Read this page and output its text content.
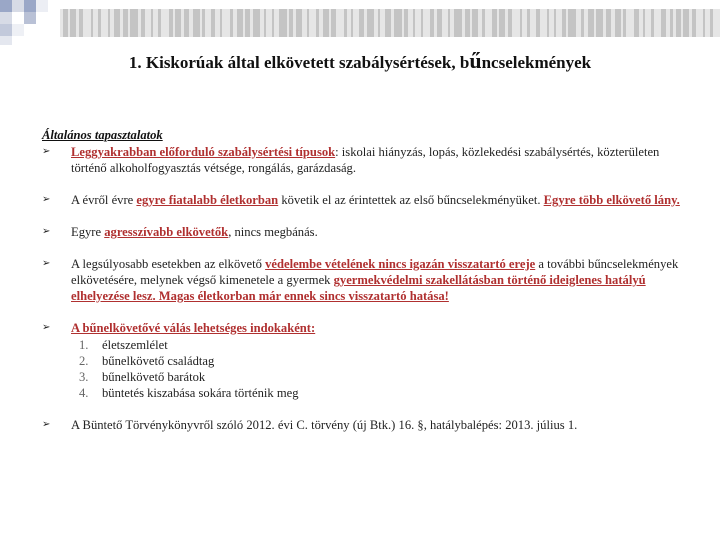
1. Kiskorúak által elkövetett szabálysértések, bűncselekmények
Általános tapasztalatok
➢	Leggyakrabban előforduló szabálysértési típusok: iskolai hiányzás, lopás, közlekedési szabálysértés, közterületen történő alkoholfogyasztás vétsége, rongálás, garázdaság.
➢	A évről évre egyre fiatalabb életkorban követik el az érintettek az első bűncselekményüket. Egyre több elkövető lány.
➢	Egyre agresszívabb elkövetők, nincs megbánás.
➢	A legsúlyosabb esetekben az elkövető védelembe vételének nincs igazán visszatartó ereje a további bűncselekmények elkövetésére, melynek végső kimenetele a gyermek gyermekvédelmi szakellátásban történő ideiglenes hatályú elhelyezése lesz. Magas életkorban már ennek sincs visszatartó hatása!
➢	A bűnelkövetővé válás lehetséges indokaként:
1. életszemlélet
2. bűnelkövető családtag
3. bűnelkövető barátok
4. büntetés kiszabása sokára történik meg
➢	A Büntető Törvénykönyvről szóló 2012. évi C. törvény (új Btk.) 16. §, hatálybalépés: 2013. július 1.
